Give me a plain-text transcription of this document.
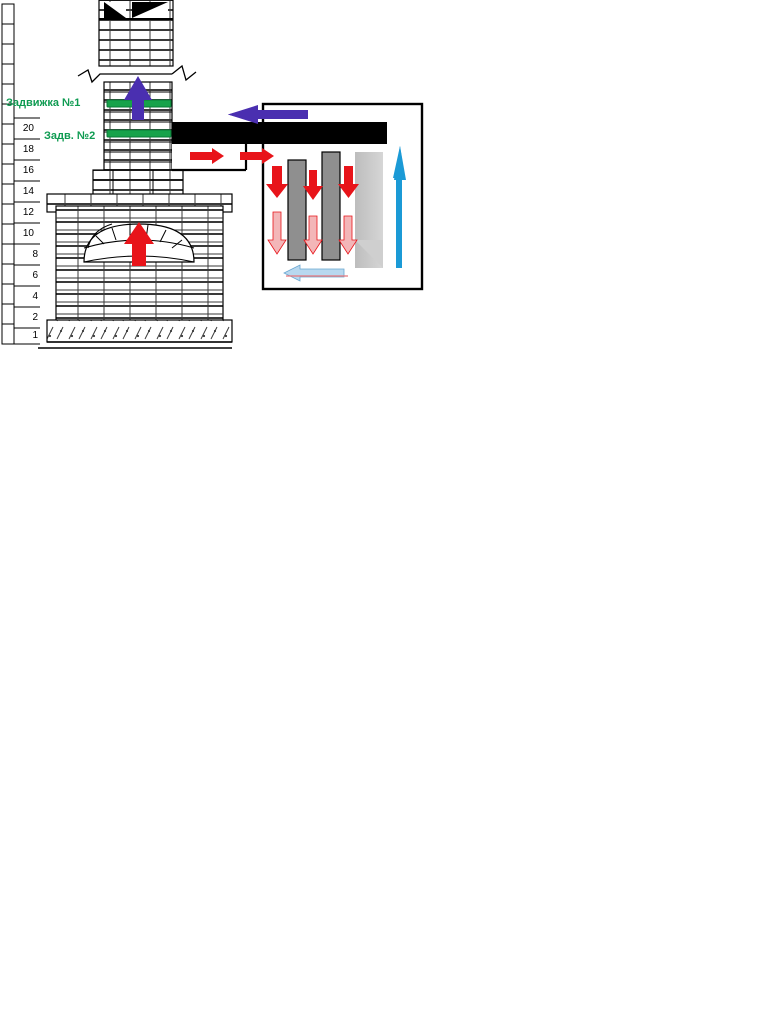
Задвижка №1
Задв. №2
20
18
16
14
12
10
8
6
4
2
1
